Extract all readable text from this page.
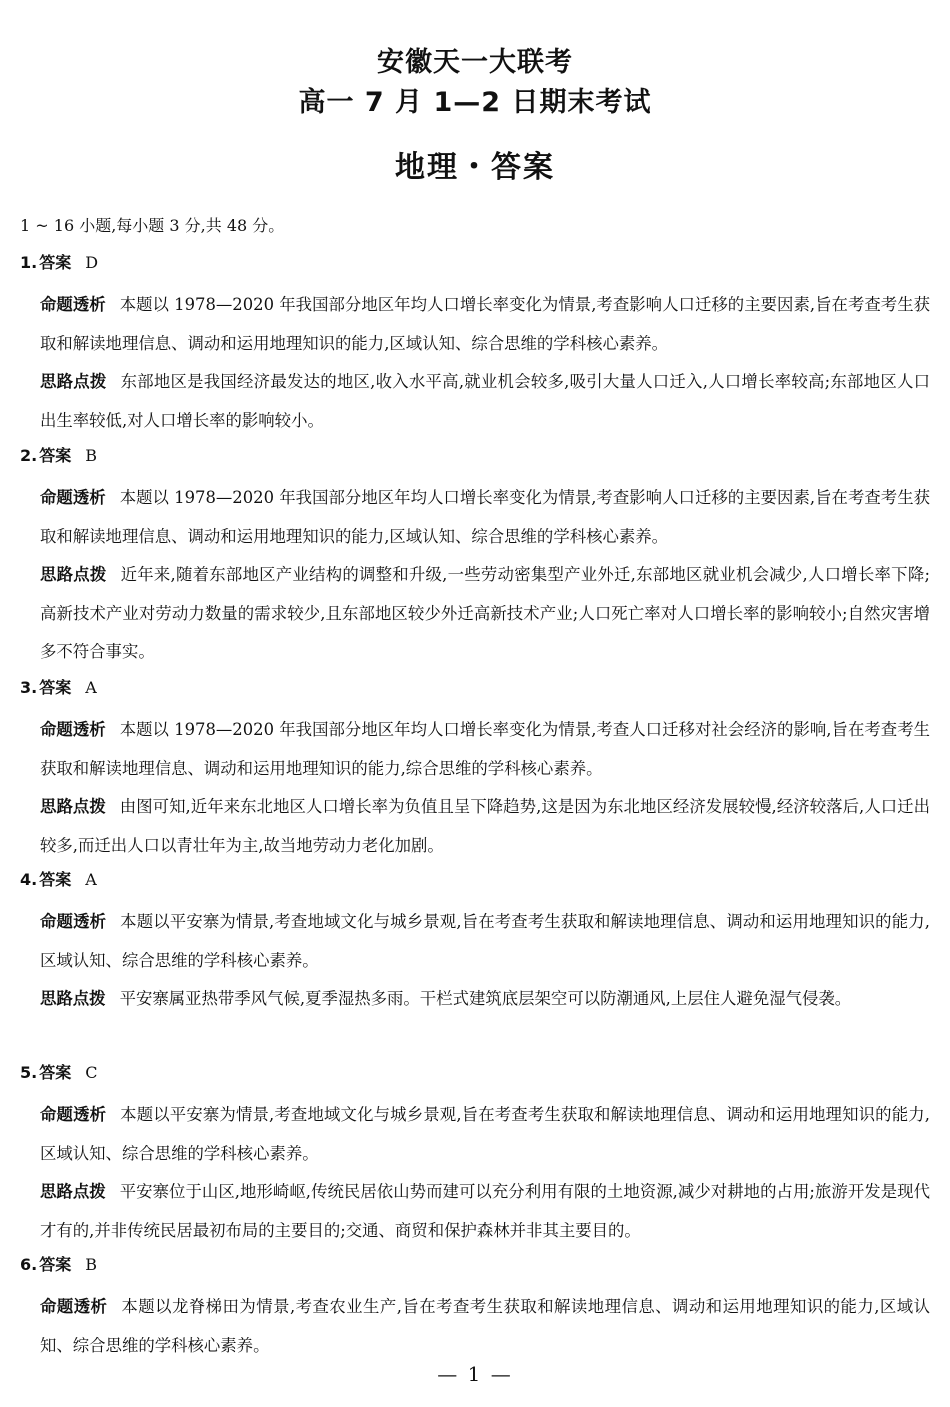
安徽天一大联考
高一 7 月 1—2 日期末考试
地理・答案
1 ~ 16 小题,每小题 3 分,共 48 分。
1. 答案 D
命题透析 本题以 1978—2020 年我国部分地区年均人口增长率变化为情景,考查影响人口迁移的主要因素,旨在考查考生获取和解读地理信息、调动和运用地理知识的能力,区域认知、综合思维的学科核心素养。
思路点拨 东部地区是我国经济最发达的地区,收入水平高,就业机会较多,吸引大量人口迁入,人口增长率较高;东部地区人口出生率较低,对人口增长率的影响较小。
2. 答案 B
命题透析 本题以 1978—2020 年我国部分地区年均人口增长率变化为情景,考查影响人口迁移的主要因素,旨在考查考生获取和解读地理信息、调动和运用地理知识的能力,区域认知、综合思维的学科核心素养。
思路点拨 近年来,随着东部地区产业结构的调整和升级,一些劳动密集型产业外迁,东部地区就业机会减少,人口增长率下降;高新技术产业对劳动力数量的需求较少,且东部地区较少外迁高新技术产业;人口死亡率对人口增长率的影响较小;自然灾害增多不符合事实。
3. 答案 A
命题透析 本题以 1978—2020 年我国部分地区年均人口增长率变化为情景,考查人口迁移对社会经济的影响,旨在考查考生获取和解读地理信息、调动和运用地理知识的能力,综合思维的学科核心素养。
思路点拨 由图可知,近年来东北地区人口增长率为负值且呈下降趋势,这是因为东北地区经济发展较慢,经济较落后,人口迁出较多,而迁出人口以青壮年为主,故当地劳动力老化加剧。
4. 答案 A
命题透析 本题以平安寨为情景,考查地域文化与城乡景观,旨在考查考生获取和解读地理信息、调动和运用地理知识的能力,区域认知、综合思维的学科核心素养。
思路点拨 平安寨属亚热带季风气候,夏季湿热多雨。干栏式建筑底层架空可以防潮通风,上层住人避免湿气侵袭。
5. 答案 C
命题透析 本题以平安寨为情景,考查地域文化与城乡景观,旨在考查考生获取和解读地理信息、调动和运用地理知识的能力,区域认知、综合思维的学科核心素养。
思路点拨 平安寨位于山区,地形崎岖,传统民居依山势而建可以充分利用有限的土地资源,减少对耕地的占用;旅游开发是现代才有的,并非传统民居最初布局的主要目的;交通、商贸和保护森林并非其主要目的。
6. 答案 B
命题透析 本题以龙脊梯田为情景,考查农业生产,旨在考查考生获取和解读地理信息、调动和运用地理知识的能力,区域认知、综合思维的学科核心素养。
— 1 —
